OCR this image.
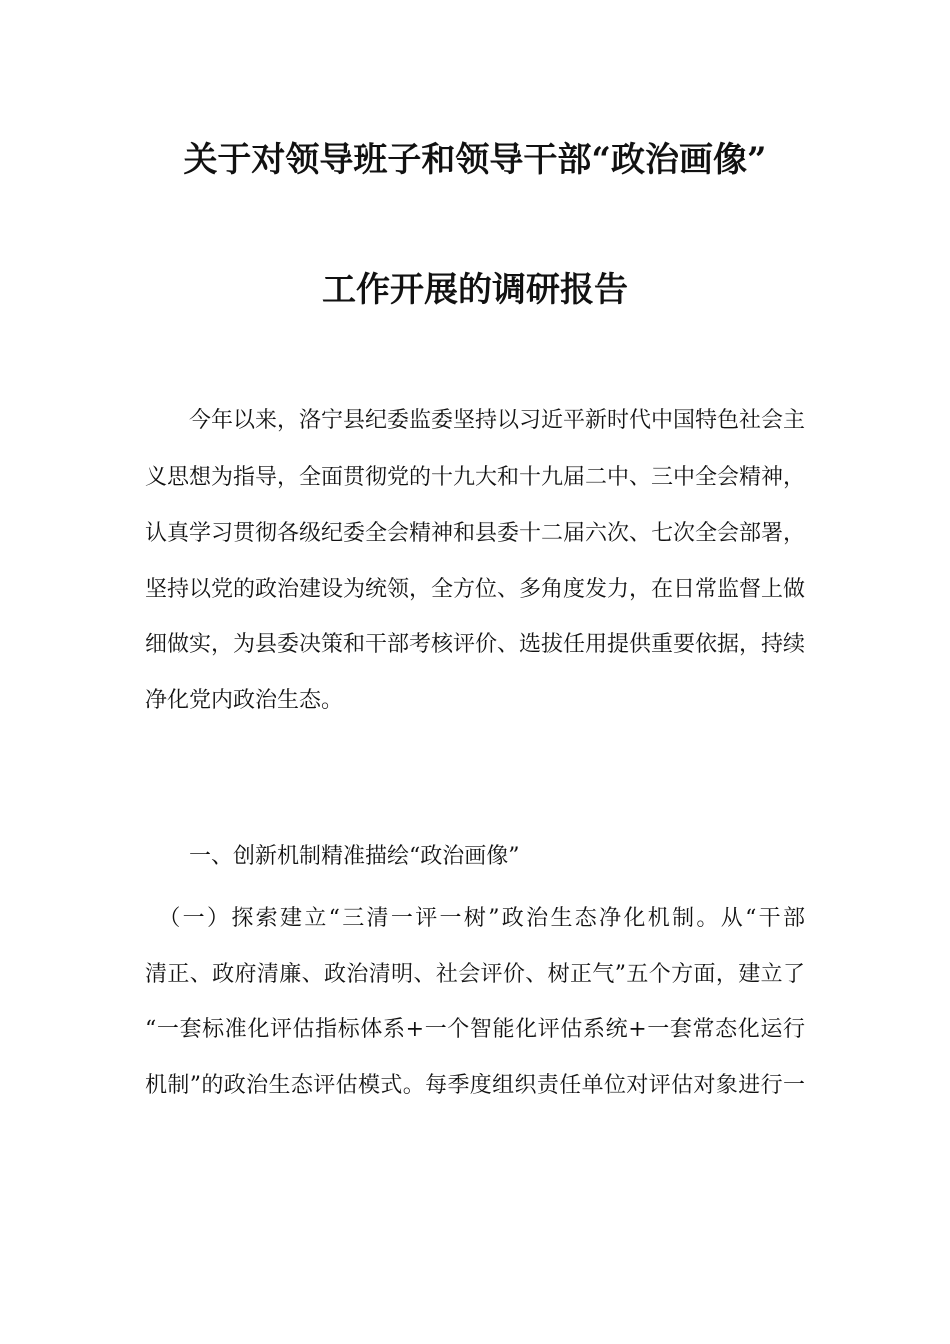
关于对领导班子和领导干部“政治画像”
工作开展的调研报告
　　今年以来，洛宁县纪委监委坚持以习近平新时代中国特色社会主
义思想为指导，全面贯彻党的十九大和十九届二中、三中全会精神，
认真学习贯彻各级纪委全会精神和县委十二届六次、七次全会部署，
坚持以党的政治建设为统领，全方位、多角度发力，在日常监督上做
细做实，为县委决策和干部考核评价、选拔任用提供重要依据，持续
净化党内政治生态。
　　一、创新机制精准描绘“政治画像”
　（一）探索建立“三清一评一树”政治生态净化机制。从“干部
清正、政府清廉、政治清明、社会评价、树正气”五个方面，建立了
“一套标准化评估指标体系+一个智能化评估系统+一套常态化运行
机制”的政治生态评估模式。每季度组织责任单位对评估对象进行一
